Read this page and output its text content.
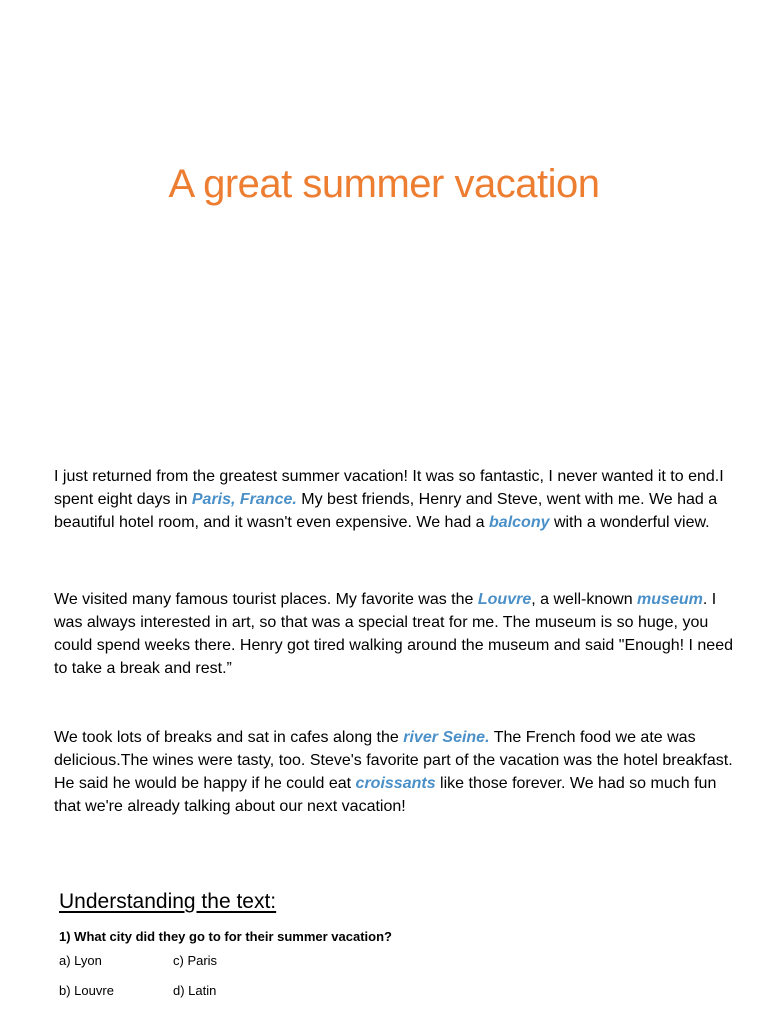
A great summer vacation

I just returned from the greatest summer vacation! It was so fantastic, I never wanted it to end.I spent eight days in Paris, France. My best friends, Henry and Steve, went with me. We had a beautiful hotel room, and it wasn't even expensive. We had a balcony with a wonderful view.

We visited many famous tourist places. My favorite was the Louvre, a well-known museum. I was always interested in art, so that was a special treat for me. The museum is so huge, you could spend weeks there. Henry got tired walking around the museum and said "Enough! I need to take a break and rest.”

We took lots of breaks and sat in cafes along the river Seine. The French food we ate was delicious.The wines were tasty, too. Steve's favorite part of the vacation was the hotel breakfast. He said he would be happy if he could eat croissants like those forever. We had so much fun that we're already talking about our next vacation!

Understanding the text:

1) What city did they go to for their summer vacation?

a) Lyon	c) Paris

b) Louvre	d) Latin
